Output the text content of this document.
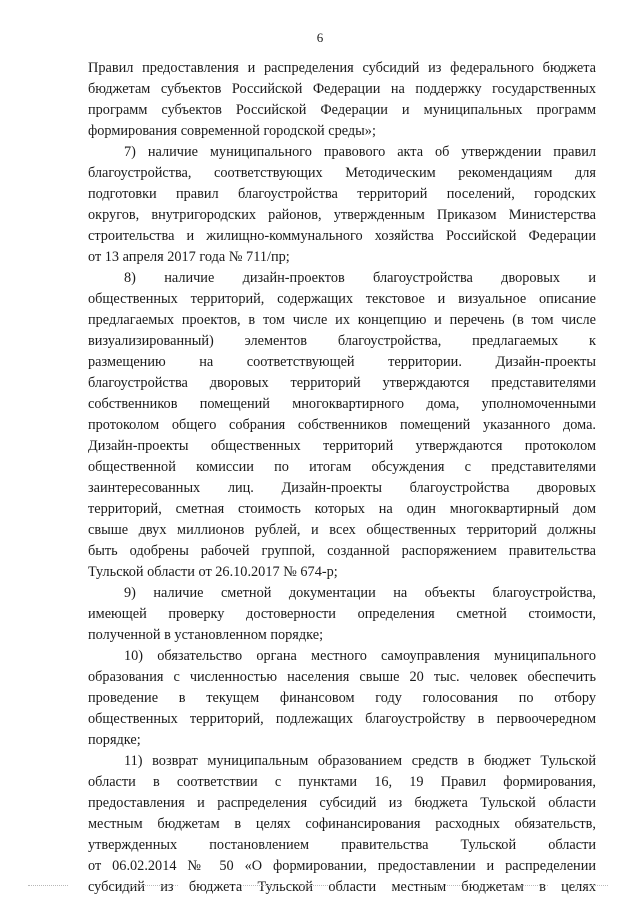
6
Правил предоставления и распределения субсидий из федерального бюджета
бюджетам субъектов Российской Федерации на поддержку государственных
программ субъектов Российской Федерации и муниципальных программ
формирования современной городской среды»;
7) наличие муниципального правового акта об утверждении правил
благоустройства, соответствующих Методическим рекомендациям для
подготовки правил благоустройства территорий поселений, городских
округов, внутригородских районов, утвержденным Приказом Министерства
строительства и жилищно-коммунального хозяйства Российской Федерации
от 13 апреля 2017 года № 711/пр;
8) наличие дизайн-проектов благоустройства дворовых и
общественных территорий, содержащих текстовое и визуальное описание
предлагаемых проектов, в том числе их концепцию и перечень (в том числе
визуализированный) элементов благоустройства, предлагаемых к
размещению на соответствующей территории. Дизайн-проекты
благоустройства дворовых территорий утверждаются представителями
собственников помещений многоквартирного дома, уполномоченными
протоколом общего собрания собственников помещений указанного дома.
Дизайн-проекты общественных территорий утверждаются протоколом
общественной комиссии по итогам обсуждения с представителями
заинтересованных лиц. Дизайн-проекты благоустройства дворовых
территорий, сметная стоимость которых на один многоквартирный дом
свыше двух миллионов рублей, и всех общественных территорий должны
быть одобрены рабочей группой, созданной распоряжением правительства
Тульской области от 26.10.2017 № 674-р;
9) наличие сметной документации на объекты благоустройства,
имеющей проверку достоверности определения сметной стоимости,
полученной в установленном порядке;
10) обязательство органа местного самоуправления муниципального
образования с численностью населения свыше 20 тыс. человек обеспечить
проведение в текущем финансовом году голосования по отбору
общественных территорий, подлежащих благоустройству в первоочередном
порядке;
11) возврат муниципальным образованием средств в бюджет Тульской
области в соответствии с пунктами 16, 19 Правил формирования,
предоставления и распределения субсидий из бюджета Тульской области
местным бюджетам в целях софинансирования расходных обязательств,
утвержденных постановлением правительства Тульской области
от 06.02.2014 № 50 «О формировании, предоставлении и распределении
субсидий из бюджета Тульской области местным бюджетам в целях
